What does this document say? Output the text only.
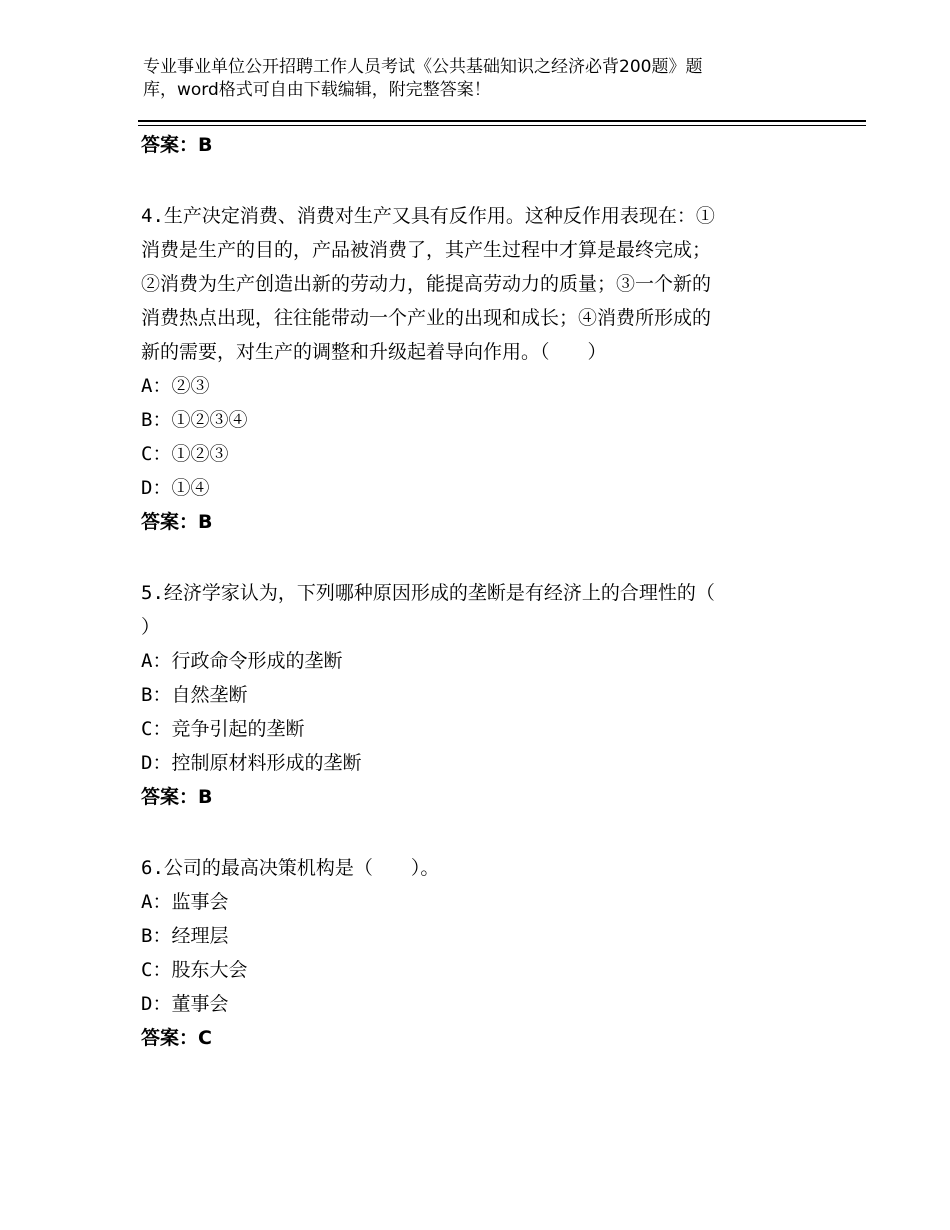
专业事业单位公开招聘工作人员考试《公共基础知识之经济必背200题》题
库，word格式可自由下载编辑，附完整答案！
答案：B
4.生产决定消费、消费对生产又具有反作用。这种反作用表现在：①
消费是生产的目的，产品被消费了，其产生过程中才算是最终完成；
②消费为生产创造出新的劳动力，能提高劳动力的质量；③一个新的
消费热点出现，往往能带动一个产业的出现和成长；④消费所形成的
新的需要，对生产的调整和升级起着导向作用。（　　）
A：②③
B：①②③④
C：①②③
D：①④
答案：B
5.经济学家认为，下列哪种原因形成的垄断是有经济上的合理性的（
）
A：行政命令形成的垄断
B：自然垄断
C：竞争引起的垄断
D：控制原材料形成的垄断
答案：B
6.公司的最高决策机构是（　　）。
A：监事会
B：经理层
C：股东大会
D：董事会
答案：C
